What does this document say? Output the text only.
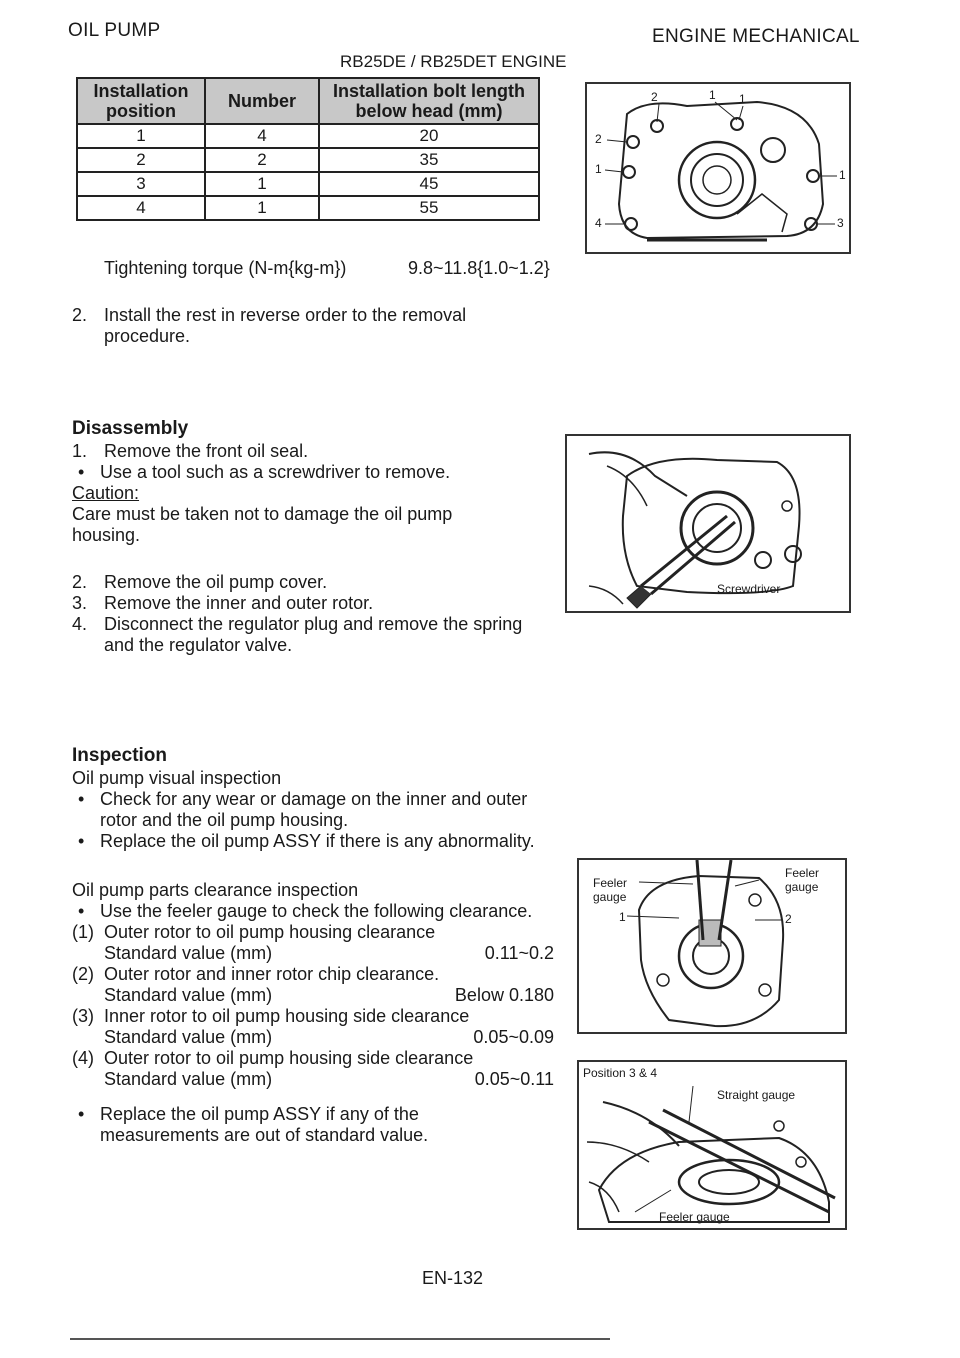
OIL PUMP	ENGINE MECHANICAL
RB25DE / RB25DET ENGINE
Installation position	Number	Installation bolt length below head (mm)
1	4	20
2	2	35
3	1	45
4	1	55
Tightening torque (N-m{kg-m})	9.8~11.8{1.0~1.2}
2. Install the rest in reverse order to the removal procedure.
Disassembly
1. Remove the front oil seal.
• Use a tool such as a screwdriver to remove.
Caution:
Care must be taken not to damage the oil pump housing.
2. Remove the oil pump cover.
3. Remove the inner and outer rotor.
4. Disconnect the regulator plug and remove the spring and the regulator valve.
Inspection
Oil pump visual inspection
• Check for any wear or damage on the inner and outer rotor and the oil pump housing.
• Replace the oil pump ASSY if there is any abnormality.
Oil pump parts clearance inspection
• Use the feeler gauge to check the following clearance.
(1) Outer rotor to oil pump housing clearance
Standard value (mm)	0.11~0.2
(2) Outer rotor and inner rotor chip clearance.
Standard value (mm)	Below 0.180
(3) Inner rotor to oil pump housing side clearance
Standard value (mm)	0.05~0.09
(4) Outer rotor to oil pump housing side clearance
Standard value (mm)	0.05~0.11
• Replace the oil pump ASSY if any of the measurements are out of standard value.
2	1 1
2
1	1
4	3
Screwdriver
Feeler gauge
Feeler gauge
1	2
Position 3 & 4
Straight gauge
Feeler gauge
EN-132
